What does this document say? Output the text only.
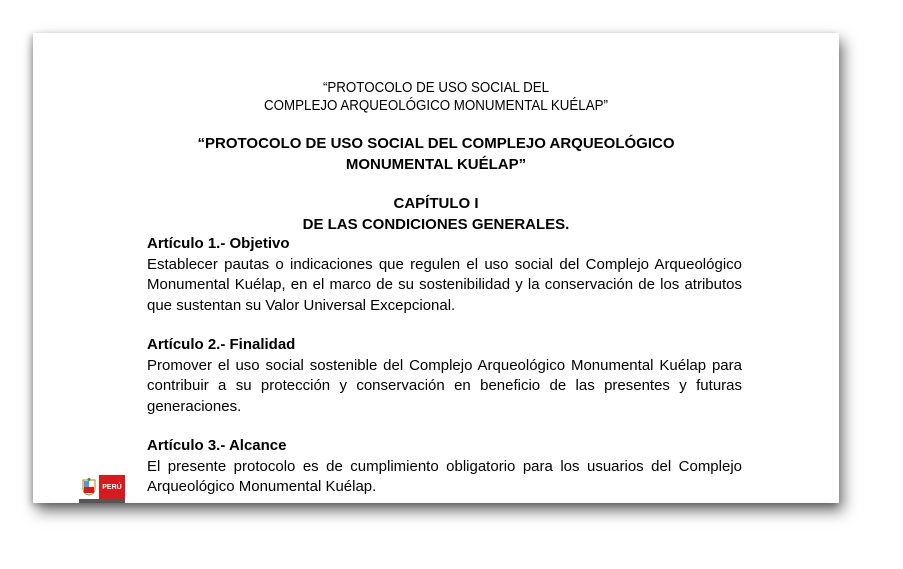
“PROTOCOLO DE USO SOCIAL DEL
COMPLEJO ARQUEOLÓGICO MONUMENTAL KUÉLAP”
“PROTOCOLO DE USO SOCIAL DEL COMPLEJO ARQUEOLÓGICO
MONUMENTAL KUÉLAP”
CAPÍTULO I
DE LAS CONDICIONES GENERALES.
Artículo 1.- Objetivo
Establecer pautas o indicaciones que regulen el uso social del Complejo Arqueológico Monumental Kuélap, en el marco de su sostenibilidad y la conservación de los atributos que sustentan su Valor Universal Excepcional.
Artículo 2.- Finalidad
Promover el uso social sostenible del Complejo Arqueológico Monumental Kuélap para contribuir a su protección y conservación en beneficio de las presentes y futuras generaciones.
Artículo 3.- Alcance
El presente protocolo es de cumplimiento obligatorio para los usuarios del Complejo Arqueológico Monumental Kuélap.
PERÚ
